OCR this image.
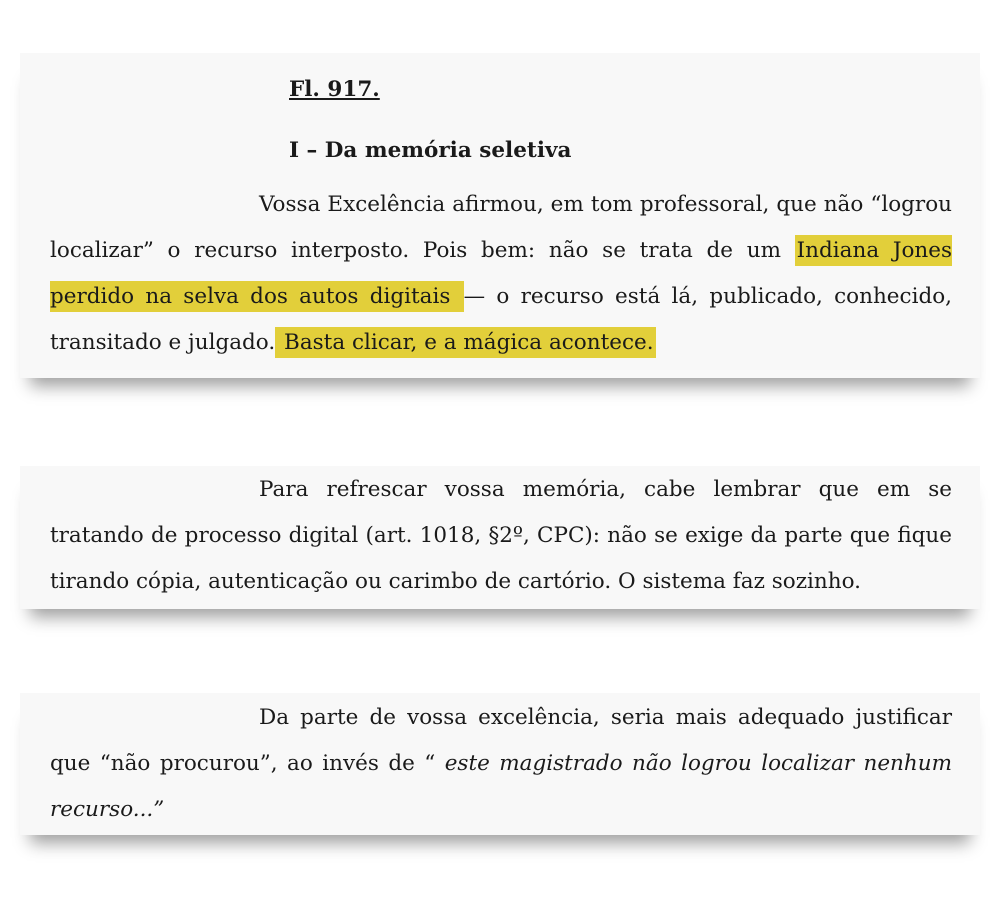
Fl. 917.
I – Da memória seletiva

Vossa Excelência afirmou, em tom professoral, que não “logrou localizar” o recurso interposto. Pois bem: não se trata de um Indiana Jones perdido na selva dos autos digitais — o recurso está lá, publicado, conhecido, transitado e julgado. Basta clicar, e a mágica acontece.

Para refrescar vossa memória, cabe lembrar que em se tratando de processo digital (art. 1018, §2º, CPC): não se exige da parte que fique tirando cópia, autenticação ou carimbo de cartório. O sistema faz sozinho.

Da parte de vossa excelência, seria mais adequado justificar que “não procurou”, ao invés de “ este magistrado não logrou localizar nenhum recurso...”
